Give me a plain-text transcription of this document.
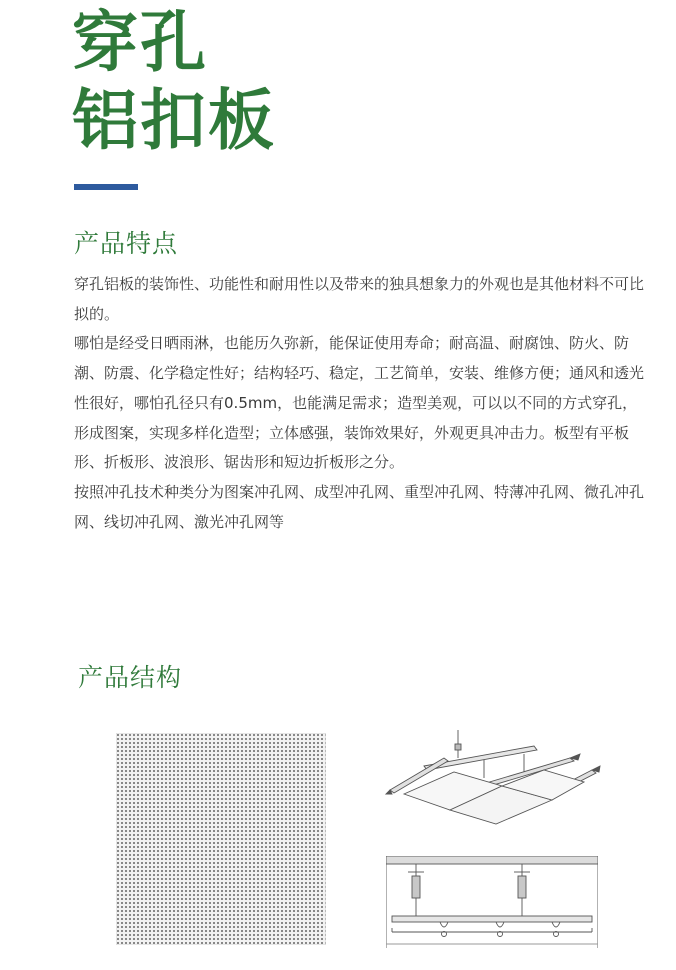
穿孔
铝扣板
产品特点

穿孔铝板的装饰性、功能性和耐用性以及带来的独具想象力的外观也是其他材料不可比拟的。

哪怕是经受日晒雨淋，也能历久弥新，能保证使用寿命；耐高温、耐腐蚀、防火、防潮、防震、化学稳定性好；结构轻巧、稳定，工艺简单，安装、维修方便；通风和透光性很好，哪怕孔径只有0.5mm，也能满足需求；造型美观，可以以不同的方式穿孔，形成图案，实现多样化造型；立体感强，装饰效果好，外观更具冲击力。板型有平板形、折板形、波浪形、锯齿形和短边折板形之分。

按照冲孔技术种类分为图案冲孔网、成型冲孔网、重型冲孔网、特薄冲孔网、微孔冲孔网、线切冲孔网、激光冲孔网等

产品结构
